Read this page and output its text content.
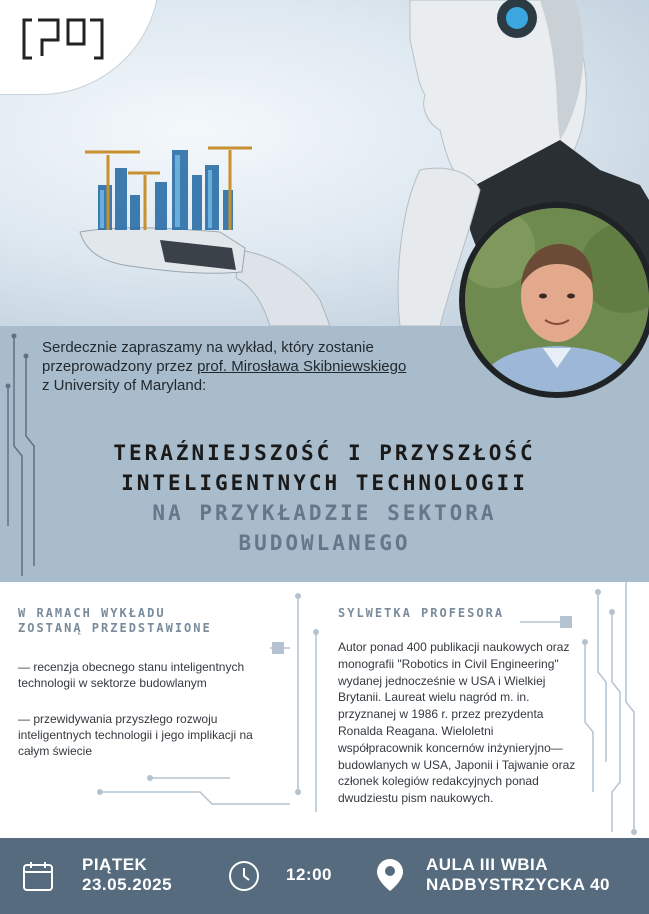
Serdecznie zapraszamy na wykład, który zostanie
przeprowadzony przez prof. Mirosława Skibniewskiego
z University of Maryland:
TERAŹNIEJSZOŚĆ I PRZYSZŁOŚĆ
INTELIGENTNYCH TECHNOLOGII
NA PRZYKŁADZIE SEKTORA
BUDOWLANEGO
W RAMACH WYKŁADU
ZOSTANĄ PRZEDSTAWIONE
— recenzja obecnego stanu inteligentnych technologii w sektorze budowlanym
— przewidywania przyszłego rozwoju inteligentnych technologii i jego implikacji na całym świecie
SYLWETKA PROFESORA
Autor ponad 400 publikacji naukowych oraz monografii "Robotics in Civil Engineering" wydanej jednocześnie w USA i Wielkiej Brytanii. Laureat wielu nagród m. in. przyznanej w 1986 r. przez prezydenta Ronalda Reagana. Wieloletni współpracownik koncernów inżynieryjno—budowlanych w USA, Japonii i Tajwanie oraz członek kolegiów redakcyjnych ponad dwudziestu pism naukowych.
PIĄTEK
23.05.2025
12:00
AULA III WBIA
NADBYSTRZYCKA 40
